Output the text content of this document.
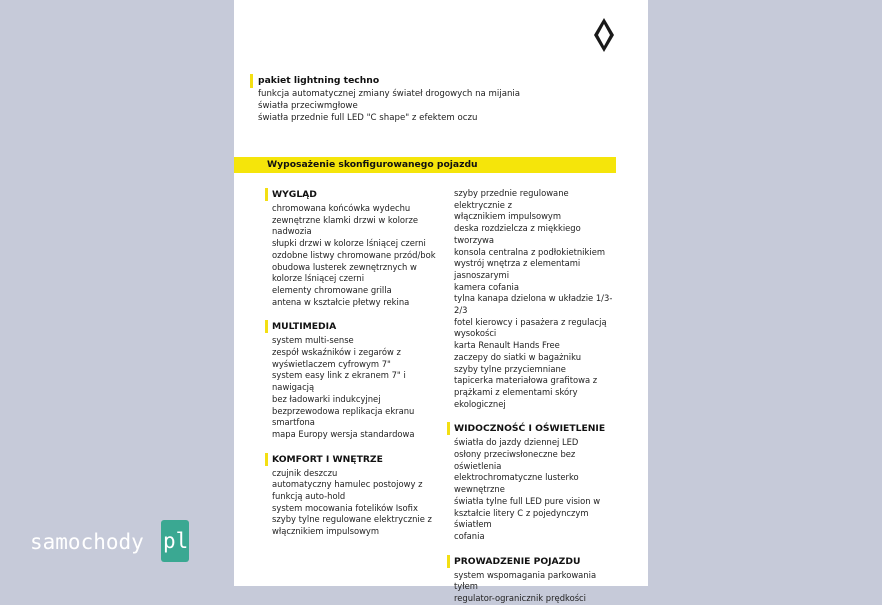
pakiet lightning techno
funkcja automatycznej zmiany świateł drogowych na mijania
światła przeciwmgłowe
światła przednie full LED "C shape" z efektem oczu
Wyposażenie skonfigurowanego pojazdu
WYGLĄD
chromowana końcówka wydechu
zewnętrzne klamki drzwi w kolorze
nadwozia
słupki drzwi w kolorze lśniącej czerni
ozdobne listwy chromowane przód/bok
obudowa lusterek zewnętrznych w
kolorze lśniącej czerni
elementy chromowane grilla
antena w kształcie płetwy rekina
MULTIMEDIA
system multi-sense
zespół wskaźników i zegarów z
wyświetlaczem cyfrowym 7"
system easy link z ekranem 7" i nawigacją
bez ładowarki indukcyjnej
bezprzewodowa replikacja ekranu
smartfona
mapa Europy wersja standardowa
KOMFORT I WNĘTRZE
czujnik deszczu
automatyczny hamulec postojowy z
funkcją auto-hold
system mocowania fotelików Isofix
szyby tylne regulowane elektrycznie z
włącznikiem impulsowym
szyby przednie regulowane elektrycznie z
włącznikiem impulsowym
deska rozdzielcza z miękkiego tworzywa
konsola centralna z podłokietnikiem
wystrój wnętrza z elementami
jasnoszarymi
kamera cofania
tylna kanapa dzielona w układzie 1/3-2/3
fotel kierowcy i pasażera z regulacją
wysokości
karta Renault Hands Free
zaczepy do siatki w bagażniku
szyby tylne przyciemniane
tapicerka materiałowa grafitowa z
prążkami z elementami skóry ekologicznej
WIDOCZNOŚĆ I OŚWIETLENIE
światła do jazdy dziennej LED
osłony przeciwsłoneczne bez oświetlenia
elektrochromatyczne lusterko
wewnętrzne
światła tylne full LED pure vision w
kształcie litery C z pojedynczym światłem
cofania
PROWADZENIE POJAZDU
system wspomagania parkowania tyłem
regulator-ogranicznik prędkości
samochody pl
